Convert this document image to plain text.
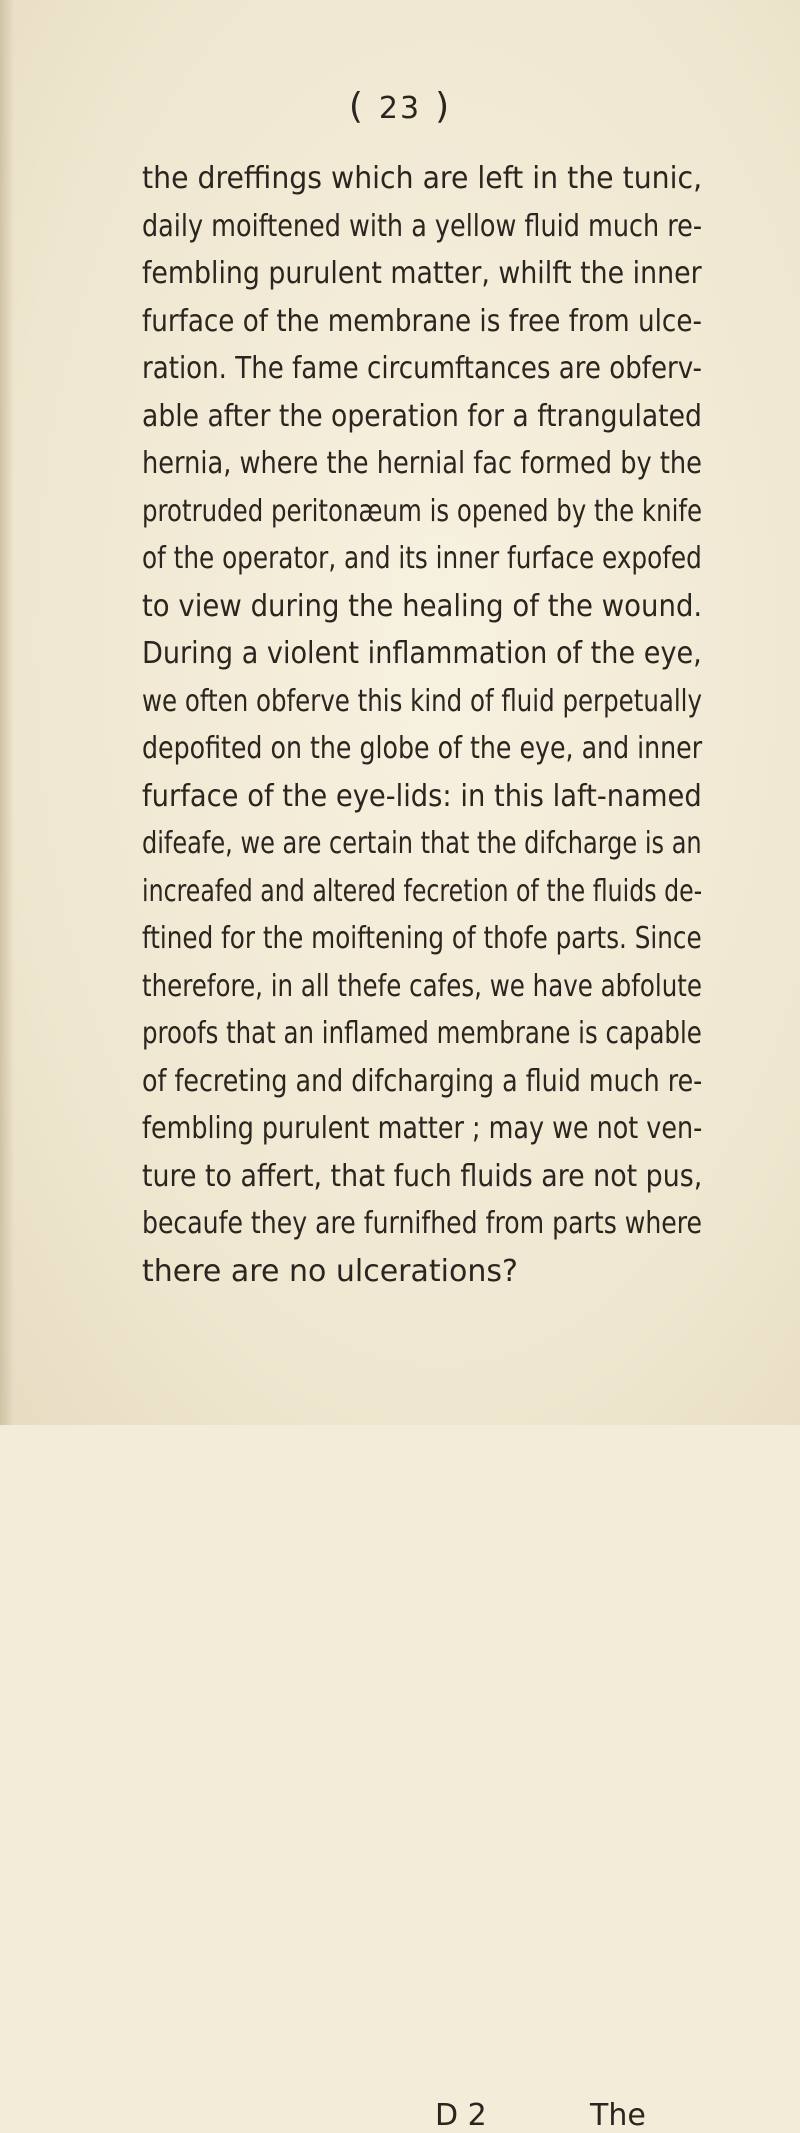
( 23 )
the dreffings which are left in the tunic,
daily moiftened with a yellow fluid much re-
fembling purulent matter, whilft the inner
furface of the membrane is free from ulce-
ration. The fame circumftances are obferv-
able after the operation for a ftrangulated
hernia, where the hernial fac formed by the
protruded peritonæum is opened by the knife
of the operator, and its inner furface expofed
to view during the healing of the wound.
During a violent inflammation of the eye,
we often obferve this kind of fluid perpetually
depofited on the globe of the eye, and inner
furface of the eye-lids: in this laft-named
difeafe, we are certain that the difcharge is an
increafed and altered fecretion of the fluids de-
ftined for the moiftening of thofe parts. Since
therefore, in all thefe cafes, we have abfolute
proofs that an inflamed membrane is capable
of fecreting and difcharging a fluid much re-
fembling purulent matter ; may we not ven-
ture to affert, that fuch fluids are not pus,
becaufe they are furnifhed from parts where
there are no ulcerations?
D 2	The
